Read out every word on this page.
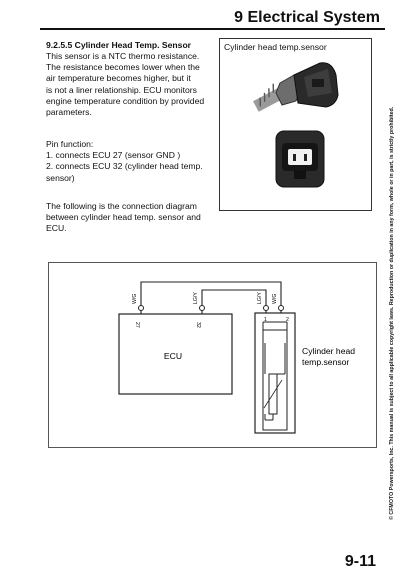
9 Electrical System
9.2.5.5 Cylinder Head Temp. Sensor
This sensor is a NTC thermo resistance.
The resistance becomes lower when the
air temperature becomes higher, but it
is not a liner relationship. ECU monitors
engine temperature condition by provided
parameters.
Pin function:
1. connects ECU 27 (sensor GND )
2. connects ECU 32 (cylinder head temp.
sensor)
The following is the connection diagram
between cylinder head temp. sensor and
ECU.
Cylinder head temp.sensor
ECU
W/G	LG/Y	LG/Y W/G
27	32
1	2
Cylinder head
temp.sensor	© CFMOTO Powersports, Inc. This manual is subject to all applicable copyright laws. Reproduction or duplication in any form, whole or in part, is strictly prohibited.
9-11
